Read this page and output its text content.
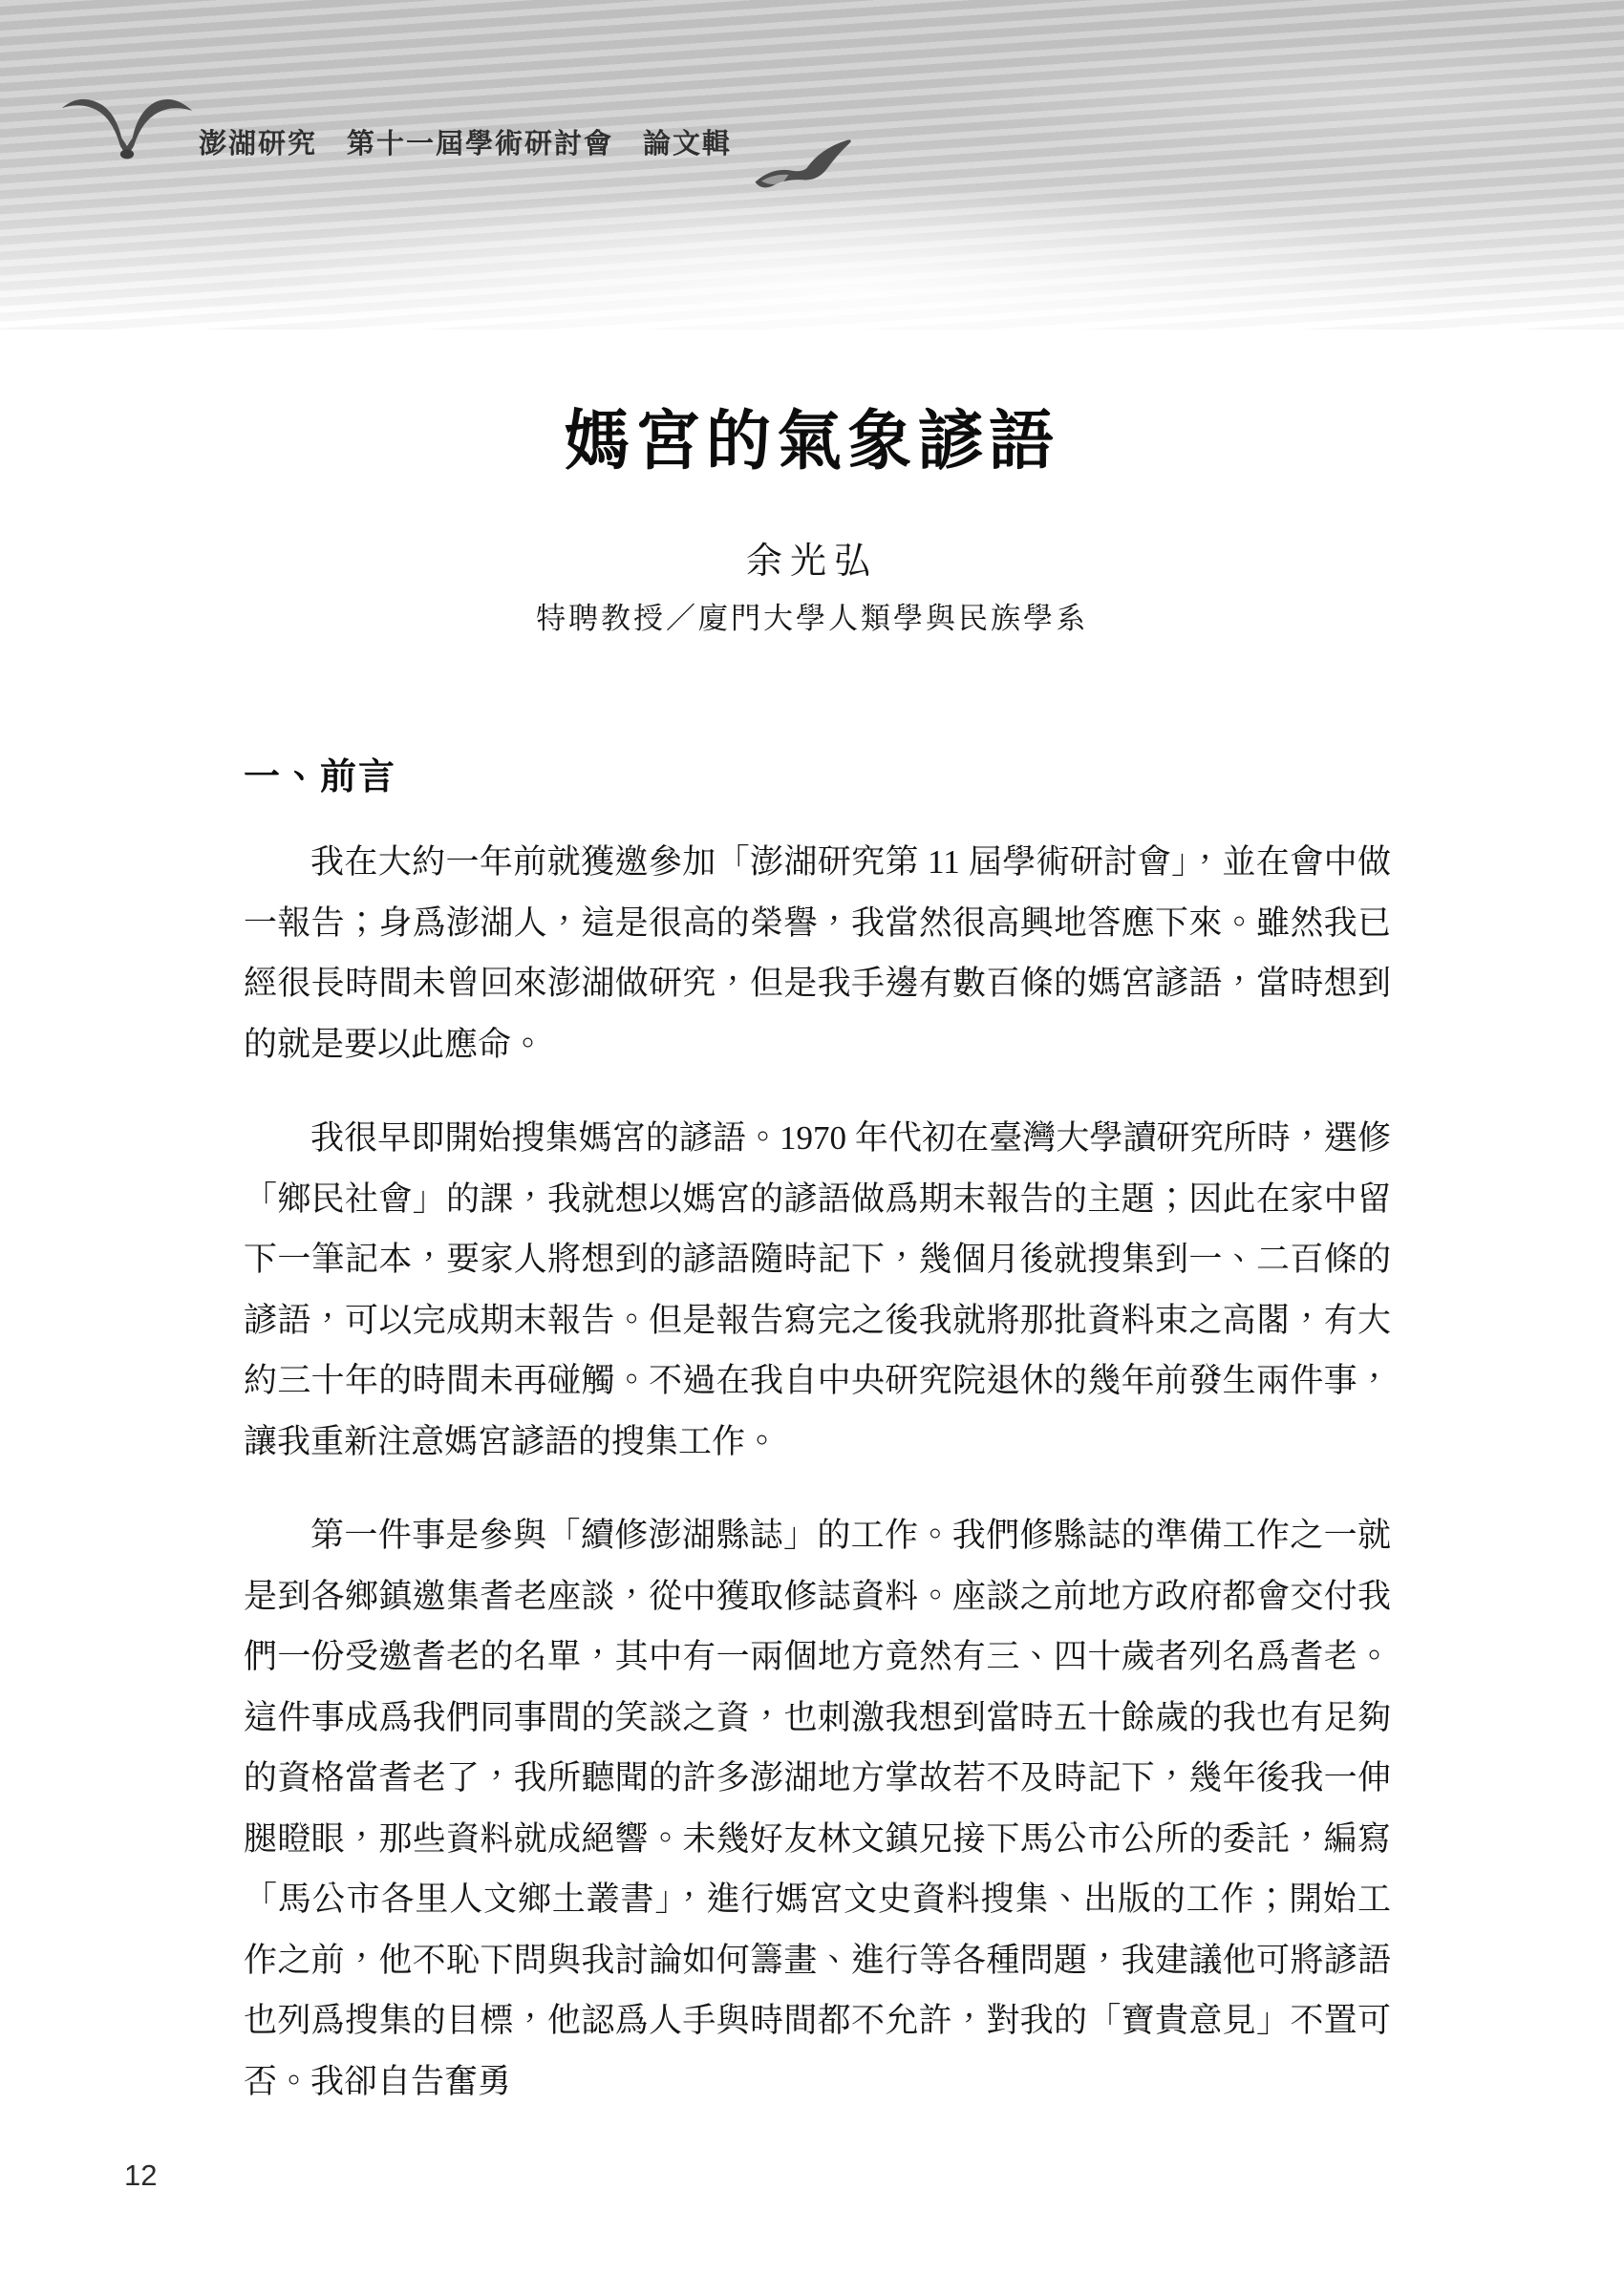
澎湖研究　第十一屆學術研討會　論文輯
媽宮的氣象諺語
余光弘
特聘教授／廈門大學人類學與民族學系
一、前言

我在大約一年前就獲邀參加「澎湖研究第 11 屆學術研討會」，並在會中做一報告；身爲澎湖人，這是很高的榮譽，我當然很高興地答應下來。雖然我已經很長時間未曾回來澎湖做研究，但是我手邊有數百條的媽宮諺語，當時想到的就是要以此應命。

我很早即開始搜集媽宮的諺語。1970 年代初在臺灣大學讀研究所時，選修「鄉民社會」的課，我就想以媽宮的諺語做爲期末報告的主題；因此在家中留下一筆記本，要家人將想到的諺語隨時記下，幾個月後就搜集到一、二百條的諺語，可以完成期末報告。但是報告寫完之後我就將那批資料束之高閣，有大約三十年的時間未再碰觸。不過在我自中央研究院退休的幾年前發生兩件事，讓我重新注意媽宮諺語的搜集工作。

第一件事是參與「續修澎湖縣誌」的工作。我們修縣誌的準備工作之一就是到各鄉鎮邀集耆老座談，從中獲取修誌資料。座談之前地方政府都會交付我們一份受邀耆老的名單，其中有一兩個地方竟然有三、四十歲者列名爲耆老。這件事成爲我們同事間的笑談之資，也刺激我想到當時五十餘歲的我也有足夠的資格當耆老了，我所聽聞的許多澎湖地方掌故若不及時記下，幾年後我一伸腿瞪眼，那些資料就成絕響。未幾好友林文鎮兄接下馬公市公所的委託，編寫「馬公市各里人文鄉土叢書」，進行媽宮文史資料搜集、出版的工作；開始工作之前，他不恥下問與我討論如何籌畫、進行等各種問題，我建議他可將諺語也列爲搜集的目標，他認爲人手與時間都不允許，對我的「寶貴意見」不置可否。我卻自告奮勇

12
